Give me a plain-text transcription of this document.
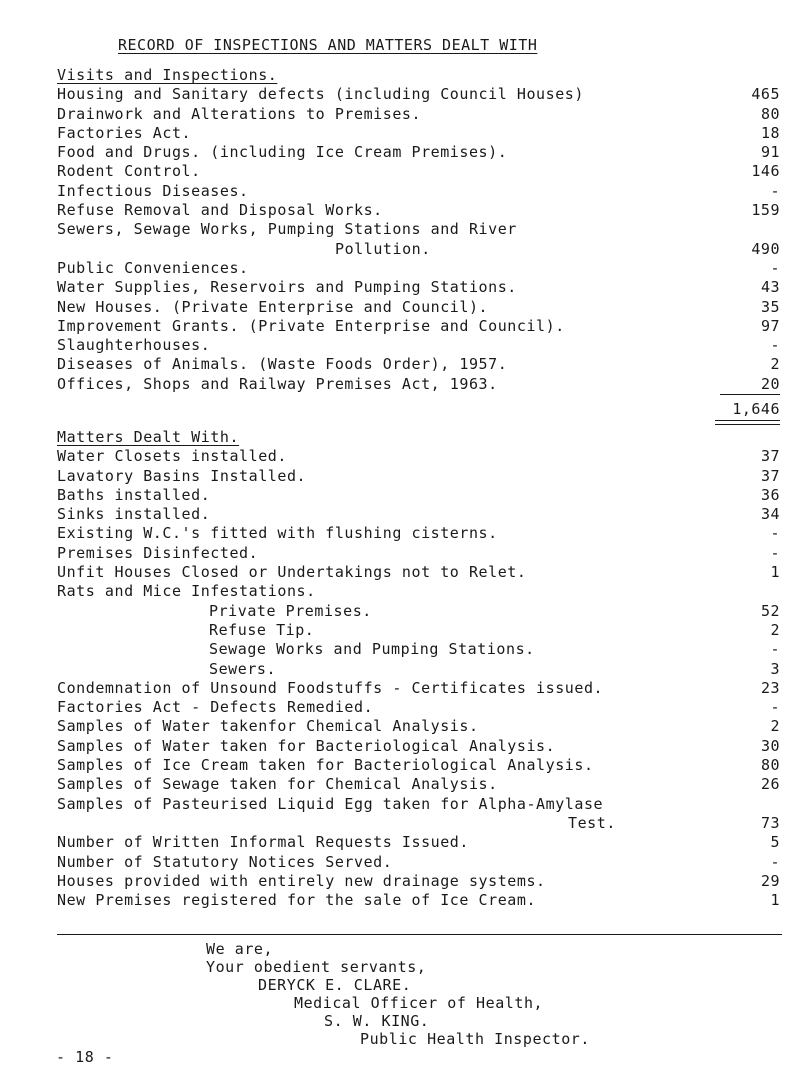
RECORD OF INSPECTIONS AND MATTERS DEALT WITH
Visits and Inspections.
Housing and Sanitary defects (including Council Houses)	465
Drainwork and Alterations to Premises.	80
Factories Act.	18
Food and Drugs. (including Ice Cream Premises).	91
Rodent Control.	146
Infectious Diseases.	-
Refuse Removal and Disposal Works.	159
Sewers, Sewage Works, Pumping Stations and River
Pollution.	490
Public Conveniences.	-
Water Supplies, Reservoirs and Pumping Stations.	43
New Houses. (Private Enterprise and Council).	35
Improvement Grants. (Private Enterprise and Council).	97
Slaughterhouses.	-
Diseases of Animals. (Waste Foods Order), 1957.	2
Offices, Shops and Railway Premises Act, 1963.	20
1,646
Matters Dealt With.
Water Closets installed.	37
Lavatory Basins Installed.	37
Baths installed.	36
Sinks installed.	34
Existing W.C.'s fitted with flushing cisterns.	-
Premises Disinfected.	-
Unfit Houses Closed or Undertakings not to Relet.	1
Rats and Mice Infestations.
Private Premises.	52
Refuse Tip.	2
Sewage Works and Pumping Stations.	-
Sewers.	3
Condemnation of Unsound Foodstuffs - Certificates issued.	23
Factories Act - Defects Remedied.	-
Samples of Water takenfor Chemical Analysis.	2
Samples of Water taken for Bacteriological Analysis.	30
Samples of Ice Cream taken for Bacteriological Analysis.	80
Samples of Sewage taken for Chemical Analysis.	26
Samples of Pasteurised Liquid Egg taken for Alpha-Amylase
Test.	73
Number of Written Informal Requests Issued.	5
Number of Statutory Notices Served.	-
Houses provided with entirely new drainage systems.	29
New Premises registered for the sale of Ice Cream.	1
We are,
Your obedient servants,
DERYCK E. CLARE.
Medical Officer of Health,
S. W. KING.
Public Health Inspector.
- 18 -
